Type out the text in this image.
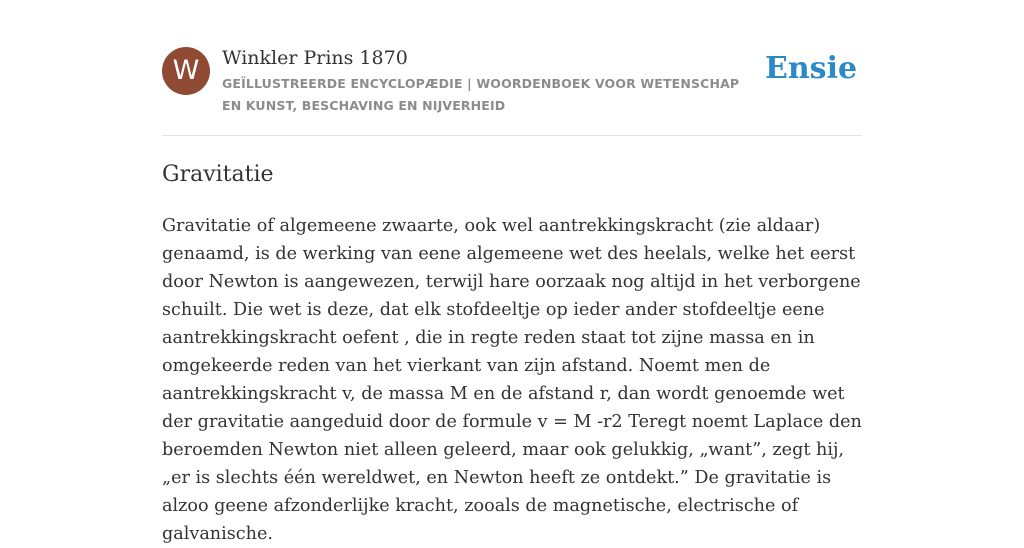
W	Winkler Prins 1870
GEÏLLUSTREERDE ENCYCLOPÆDIE | WOORDENBOEK VOOR WETENSCHAP EN KUNST, BESCHAVING EN NIJVERHEID
Ensie
Gravitatie

Gravitatie of algemeene zwaarte, ook wel aantrekkingskracht (zie aldaar) genaamd, is de werking van eene algemeene wet des heelals, welke het eerst door Newton is aangewezen, terwijl hare oorzaak nog altijd in het verborgene schuilt. Die wet is deze, dat elk stofdeeltje op ieder ander stofdeeltje eene aantrekkingskracht oefent , die in regte reden staat tot zijne massa en in omgekeerde reden van het vierkant van zijn afstand. Noemt men de aantrekkingskracht v, de massa M en de afstand r, dan wordt genoemde wet der gravitatie aangeduid door de formule v = M -r2 Teregt noemt Laplace den beroemden Newton niet alleen geleerd, maar ook gelukkig, „want”, zegt hij, „er is slechts één wereldwet, en Newton heeft ze ontdekt.” De gravitatie is alzoo geene afzonderlijke kracht, zooals de magnetische, electrische of galvanische.
